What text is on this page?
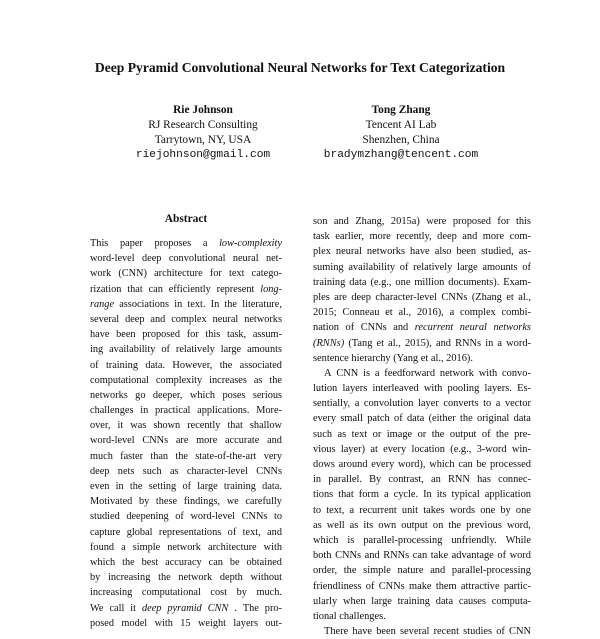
Deep Pyramid Convolutional Neural Networks for Text Categorization
Rie Johnson
RJ Research Consulting
Tarrytown, NY, USA
riejohnson@gmail.com
Tong Zhang
Tencent AI Lab
Shenzhen, China
bradymzhang@tencent.com
Abstract
This paper proposes a low-complexity
word-level deep convolutional neural net-
work (CNN) architecture for text catego-
rization that can efficiently represent long-
range associations in text. In the literature,
several deep and complex neural networks
have been proposed for this task, assum-
ing availability of relatively large amounts
of training data. However, the associated
computational complexity increases as the
networks go deeper, which poses serious
challenges in practical applications. More-
over, it was shown recently that shallow
word-level CNNs are more accurate and
much faster than the state-of-the-art very
deep nets such as character-level CNNs
even in the setting of large training data.
Motivated by these findings, we carefully
studied deepening of word-level CNNs to
capture global representations of text, and
found a simple network architecture with
which the best accuracy can be obtained
by increasing the network depth without
increasing computational cost by much.
We call it deep pyramid CNN . The pro-
posed model with 15 weight layers out-
son and Zhang, 2015a) were proposed for this
task earlier, more recently, deep and more com-
plex neural networks have also been studied, as-
suming availability of relatively large amounts of
training data (e.g., one million documents). Exam-
ples are deep character-level CNNs (Zhang et al.,
2015; Conneau et al., 2016), a complex combi-
nation of CNNs and recurrent neural networks
(RNNs) (Tang et al., 2015), and RNNs in a word-
sentence hierarchy (Yang et al., 2016).
A CNN is a feedforward network with convo-
lution layers interleaved with pooling layers. Es-
sentially, a convolution layer converts to a vector
every small patch of data (either the original data
such as text or image or the output of the pre-
vious layer) at every location (e.g., 3-word win-
dows around every word), which can be processed
in parallel. By contrast, an RNN has connec-
tions that form a cycle. In its typical application
to text, a recurrent unit takes words one by one
as well as its own output on the previous word,
which is parallel-processing unfriendly. While
both CNNs and RNNs can take advantage of word
order, the simple nature and parallel-processing
friendliness of CNNs make them attractive partic-
ularly when large training data causes computa-
tional challenges.
There have been several recent studies of CNN
